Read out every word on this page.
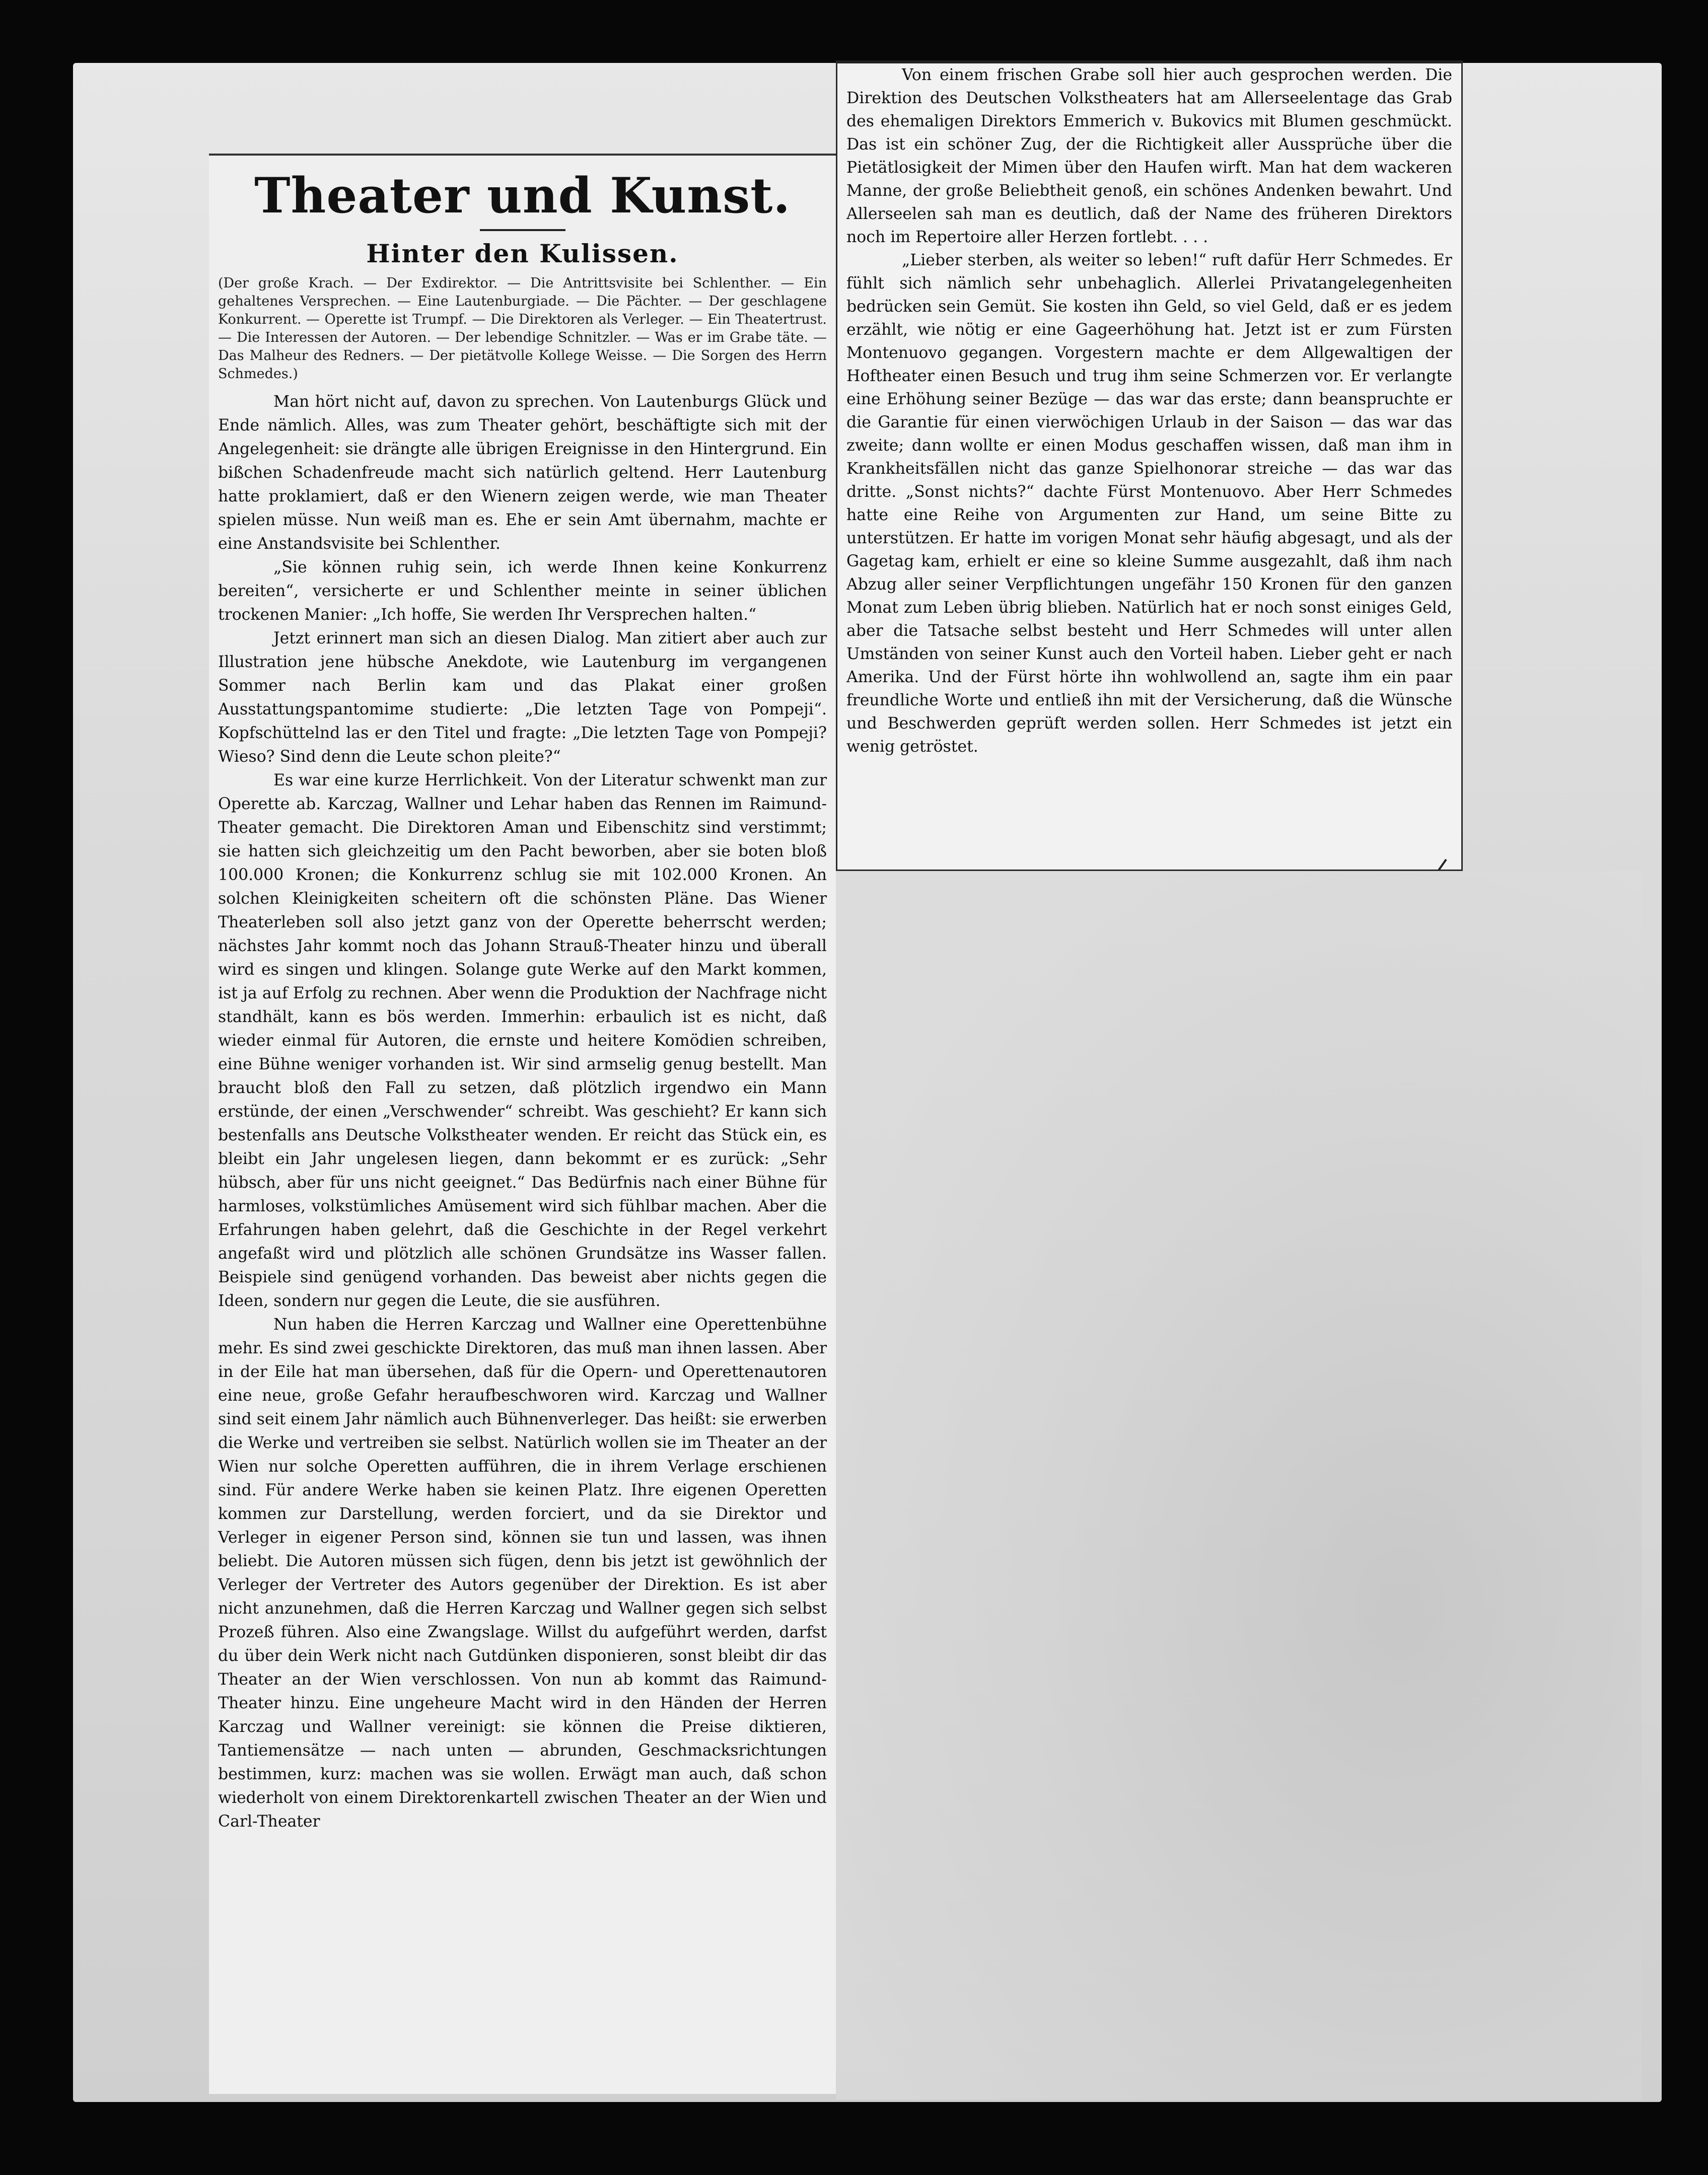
Theater und Kunst.
Hinter den Kulissen.

(Der große Krach. — Der Exdirektor. — Die Antrittsvisite bei Schlenther. — Ein gehaltenes Versprechen. — Eine Lautenburgiade. — Die Pächter. — Der geschlagene Konkurrent. — Operette ist Trumpf. — Die Direktoren als Verleger. — Ein Theatertrust. — Die Interessen der Autoren. — Der lebendige Schnitzler. — Was er im Grabe täte. — Das Malheur des Redners. — Der pietätvolle Kollege Weisse. — Die Sorgen des Herrn Schmedes.)

Man hört nicht auf, davon zu sprechen. Von Lautenburgs Glück und Ende nämlich. Alles, was zum Theater gehört, beschäftigte sich mit der Angelegenheit: sie drängte alle übrigen Ereignisse in den Hintergrund. Ein bißchen Schadenfreude macht sich natürlich geltend. Herr Lautenburg hatte proklamiert, daß er den Wienern zeigen werde, wie man Theater spielen müsse. Nun weiß man es. Ehe er sein Amt übernahm, machte er eine Anstandsvisite bei Schlenther.

„Sie können ruhig sein, ich werde Ihnen keine Konkurrenz bereiten“, versicherte er und Schlenther meinte in seiner üblichen trockenen Manier: „Ich hoffe, Sie werden Ihr Versprechen halten.“

Jetzt erinnert man sich an diesen Dialog. Man zitiert aber auch zur Illustration jene hübsche Anekdote, wie Lautenburg im vergangenen Sommer nach Berlin kam und das Plakat einer großen Ausstattungspantomime studierte: „Die letzten Tage von Pompeji“. Kopfschüttelnd las er den Titel und fragte: „Die letzten Tage von Pompeji? Wieso? Sind denn die Leute schon pleite?“

Es war eine kurze Herrlichkeit. Von der Literatur schwenkt man zur Operette ab. Karczag, Wallner und Lehar haben das Rennen im Raimund-Theater gemacht. Die Direktoren Aman und Eibenschitz sind verstimmt; sie hatten sich gleichzeitig um den Pacht beworben, aber sie boten bloß 100.000 Kronen; die Konkurrenz schlug sie mit 102.000 Kronen. An solchen Kleinigkeiten scheitern oft die schönsten Pläne. Das Wiener Theaterleben soll also jetzt ganz von der Operette beherrscht werden; nächstes Jahr kommt noch das Johann Strauß-Theater hinzu und überall wird es singen und klingen. Solange gute Werke auf den Markt kommen, ist ja auf Erfolg zu rechnen. Aber wenn die Produktion der Nachfrage nicht standhält, kann es bös werden. Immerhin: erbaulich ist es nicht, daß wieder einmal für Autoren, die ernste und heitere Komödien schreiben, eine Bühne weniger vorhanden ist. Wir sind armselig genug bestellt. Man braucht bloß den Fall zu setzen, daß plötzlich irgendwo ein Mann erstünde, der einen „Verschwender“ schreibt. Was geschieht? Er kann sich bestenfalls ans Deutsche Volkstheater wenden. Er reicht das Stück ein, es bleibt ein Jahr ungelesen liegen, dann bekommt er es zurück: „Sehr hübsch, aber für uns nicht geeignet.“ Das Bedürfnis nach einer Bühne für harmloses, volkstümliches Amüsement wird sich fühlbar machen. Aber die Erfahrungen haben gelehrt, daß die Geschichte in der Regel verkehrt angefaßt wird und plötzlich alle schönen Grundsätze ins Wasser fallen. Beispiele sind genügend vorhanden. Das beweist aber nichts gegen die Ideen, sondern nur gegen die Leute, die sie ausführen.

Nun haben die Herren Karczag und Wallner eine Operettenbühne mehr. Es sind zwei geschickte Direktoren, das muß man ihnen lassen. Aber in der Eile hat man übersehen, daß für die Opern- und Operettenautoren eine neue, große Gefahr heraufbeschworen wird. Karczag und Wallner sind seit einem Jahr nämlich auch Bühnenverleger. Das heißt: sie erwerben die Werke und vertreiben sie selbst. Natürlich wollen sie im Theater an der Wien nur solche Operetten aufführen, die in ihrem Verlage erschienen sind. Für andere Werke haben sie keinen Platz. Ihre eigenen Operetten kommen zur Darstellung, werden forciert, und da sie Direktor und Verleger in eigener Person sind, können sie tun und lassen, was ihnen beliebt. Die Autoren müssen sich fügen, denn bis jetzt ist gewöhnlich der Verleger der Vertreter des Autors gegenüber der Direktion. Es ist aber nicht anzunehmen, daß die Herren Karczag und Wallner gegen sich selbst Prozeß führen. Also eine Zwangslage. Willst du aufgeführt werden, darfst du über dein Werk nicht nach Gutdünken disponieren, sonst bleibt dir das Theater an der Wien verschlossen. Von nun ab kommt das Raimund-Theater hinzu. Eine ungeheure Macht wird in den Händen der Herren Karczag und Wallner vereinigt: sie können die Preise diktieren, Tantiemensätze — nach unten — abrunden, Geschmacksrichtungen bestimmen, kurz: machen was sie wollen. Erwägt man auch, daß schon wiederholt von einem Direktorenkartell zwischen Theater an der Wien und Carl-Theater

Von einem frischen Grabe soll hier auch gesprochen werden. Die Direktion des Deutschen Volkstheaters hat am Allerseelentage das Grab des ehemaligen Direktors Emmerich v. Bukovics mit Blumen geschmückt. Das ist ein schöner Zug, der die Richtigkeit aller Aussprüche über die Pietätlosigkeit der Mimen über den Haufen wirft. Man hat dem wackeren Manne, der große Beliebtheit genoß, ein schönes Andenken bewahrt. Und Allerseelen sah man es deutlich, daß der Name des früheren Direktors noch im Repertoire aller Herzen fortlebt. . . .

„Lieber sterben, als weiter so leben!“ ruft dafür Herr Schmedes. Er fühlt sich nämlich sehr unbehaglich. Allerlei Privatangelegenheiten bedrücken sein Gemüt. Sie kosten ihn Geld, so viel Geld, daß er es jedem erzählt, wie nötig er eine Gageerhöhung hat. Jetzt ist er zum Fürsten Montenuovo gegangen. Vorgestern machte er dem Allgewaltigen der Hoftheater einen Besuch und trug ihm seine Schmerzen vor. Er verlangte eine Erhöhung seiner Bezüge — das war das erste; dann beanspruchte er die Garantie für einen vierwöchigen Urlaub in der Saison — das war das zweite; dann wollte er einen Modus geschaffen wissen, daß man ihm in Krankheitsfällen nicht das ganze Spielhonorar streiche — das war das dritte. „Sonst nichts?“ dachte Fürst Montenuovo. Aber Herr Schmedes hatte eine Reihe von Argumenten zur Hand, um seine Bitte zu unterstützen. Er hatte im vorigen Monat sehr häufig abgesagt, und als der Gagetag kam, erhielt er eine so kleine Summe ausgezahlt, daß ihm nach Abzug aller seiner Verpflichtungen ungefähr 150 Kronen für den ganzen Monat zum Leben übrig blieben. Natürlich hat er noch sonst einiges Geld, aber die Tatsache selbst besteht und Herr Schmedes will unter allen Umständen von seiner Kunst auch den Vorteil haben. Lieber geht er nach Amerika. Und der Fürst hörte ihn wohlwollend an, sagte ihm ein paar freundliche Worte und entließ ihn mit der Versicherung, daß die Wünsche und Beschwerden geprüft werden sollen. Herr Schmedes ist jetzt ein wenig getröstet.
